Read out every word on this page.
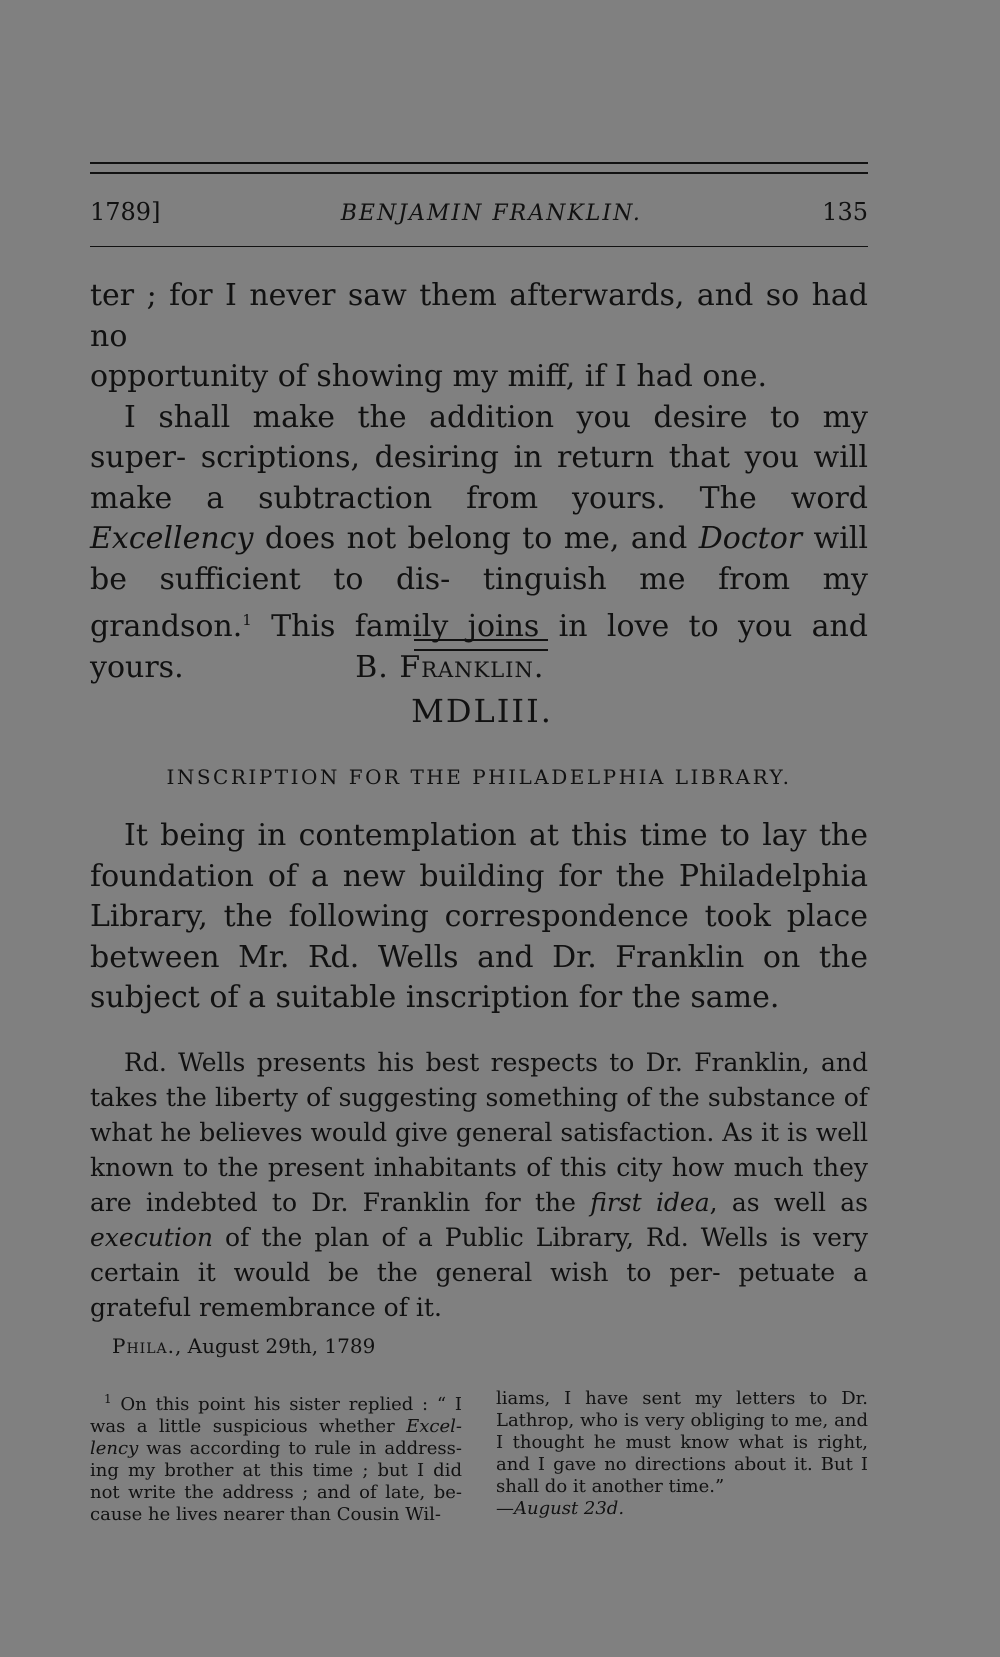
1789]	BENJAMIN FRANKLIN.	135

ter ; for I never saw them afterwards, and so had no

opportunity of showing my miff, if I had one.

I shall make the addition you desire to my super- scriptions, desiring in return that you will make a subtraction from yours. The word Excellency does not belong to me, and Doctor will be sufficient to dis- tinguish me from my grandson.$^1$ This family joins in love to you and yours.	B. Franklin.

MDLIII.
INSCRIPTION FOR THE PHILADELPHIA LIBRARY.

It being in contemplation at this time to lay the foundation of a new building for the Philadelphia Library, the following correspondence took place between Mr. Rd. Wells and Dr. Franklin on the subject of a suitable inscription for the same.

Rd. Wells presents his best respects to Dr. Franklin, and takes the liberty of suggesting something of the substance of what he believes would give general satisfaction. As it is well known to the present inhabitants of this city how much they are indebted to Dr. Franklin for the first idea, as well as execution of the plan of a Public Library, Rd. Wells is very certain it would be the general wish to per- petuate a grateful remembrance of it.

Phila., August 29th, 1789

$^1$ On this point his sister replied : “ I was a little suspicious whether Excel- lency was according to rule in address- ing my brother at this time ; but I did not write the address ; and of late, be- cause he lives nearer than Cousin Wil-

liams, I have sent my letters to Dr. Lathrop, who is very obliging to me, and I thought he must know what is right, and I gave no directions about it. But I shall do it another time.”
—August 23d.
